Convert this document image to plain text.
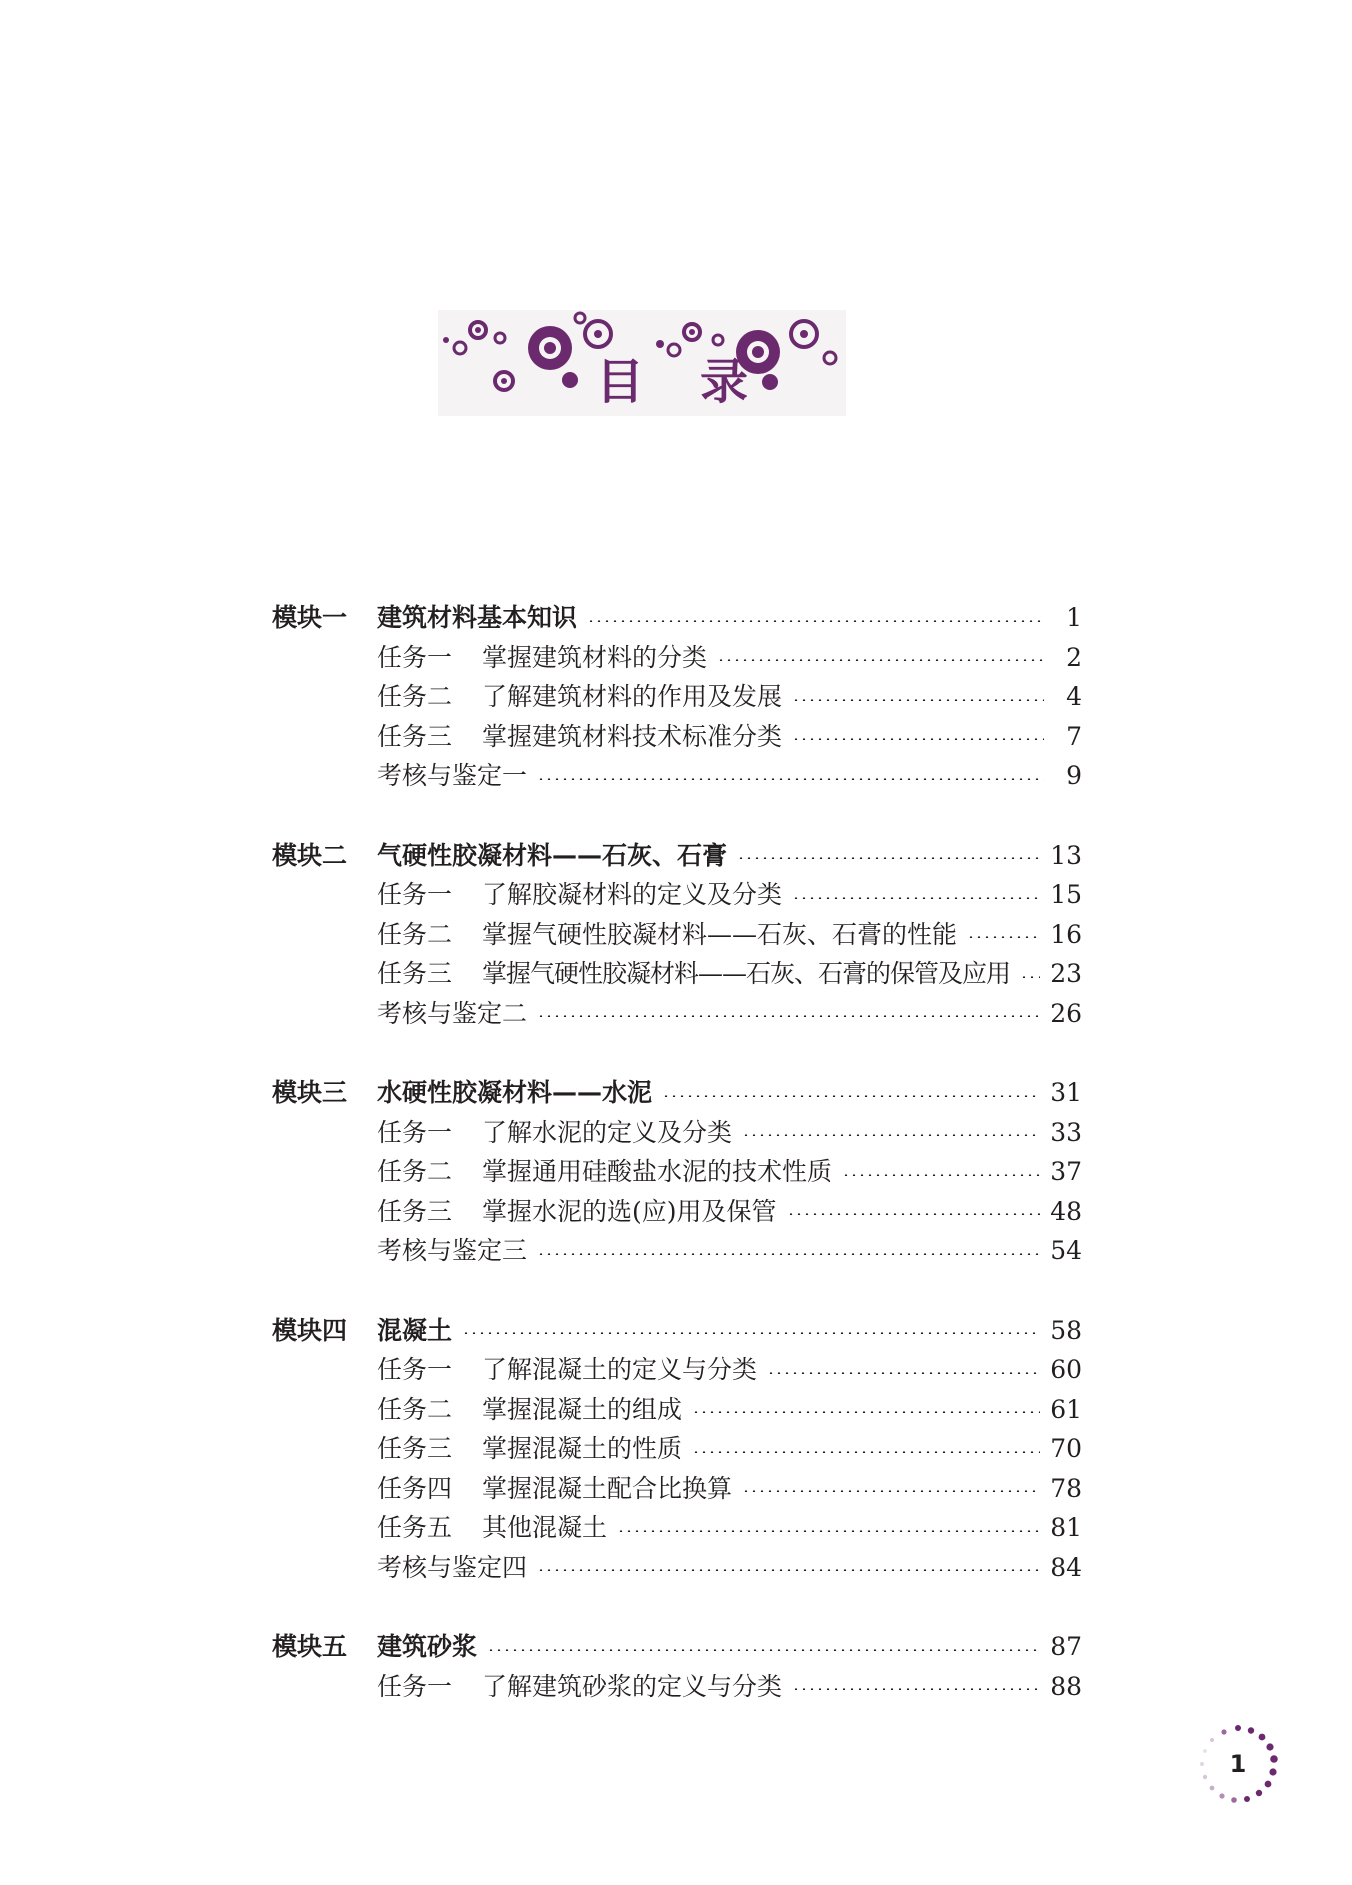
目 录
模块一	建筑材料基本知识	1
任务一	掌握建筑材料的分类	2
任务二	了解建筑材料的作用及发展	4
任务三	掌握建筑材料技术标准分类	7
考核与鉴定一	9
模块二	气硬性胶凝材料——石灰、石膏	13
任务一	了解胶凝材料的定义及分类	15
任务二	掌握气硬性胶凝材料——石灰、石膏的性能	16
任务三	掌握气硬性胶凝材料——石灰、石膏的保管及应用 23
考核与鉴定二	26
模块三	水硬性胶凝材料——水泥	31
任务一	了解水泥的定义及分类	33
任务二	掌握通用硅酸盐水泥的技术性质	37
任务三	掌握水泥的选(应)用及保管	48
考核与鉴定三	54
模块四	混凝土	58
任务一	了解混凝土的定义与分类	60
任务二	掌握混凝土的组成	61
任务三	掌握混凝土的性质	70
任务四	掌握混凝土配合比换算	78
任务五	其他混凝土	81
考核与鉴定四	84
模块五	建筑砂浆	87
任务一	了解建筑砂浆的定义与分类	88
1
